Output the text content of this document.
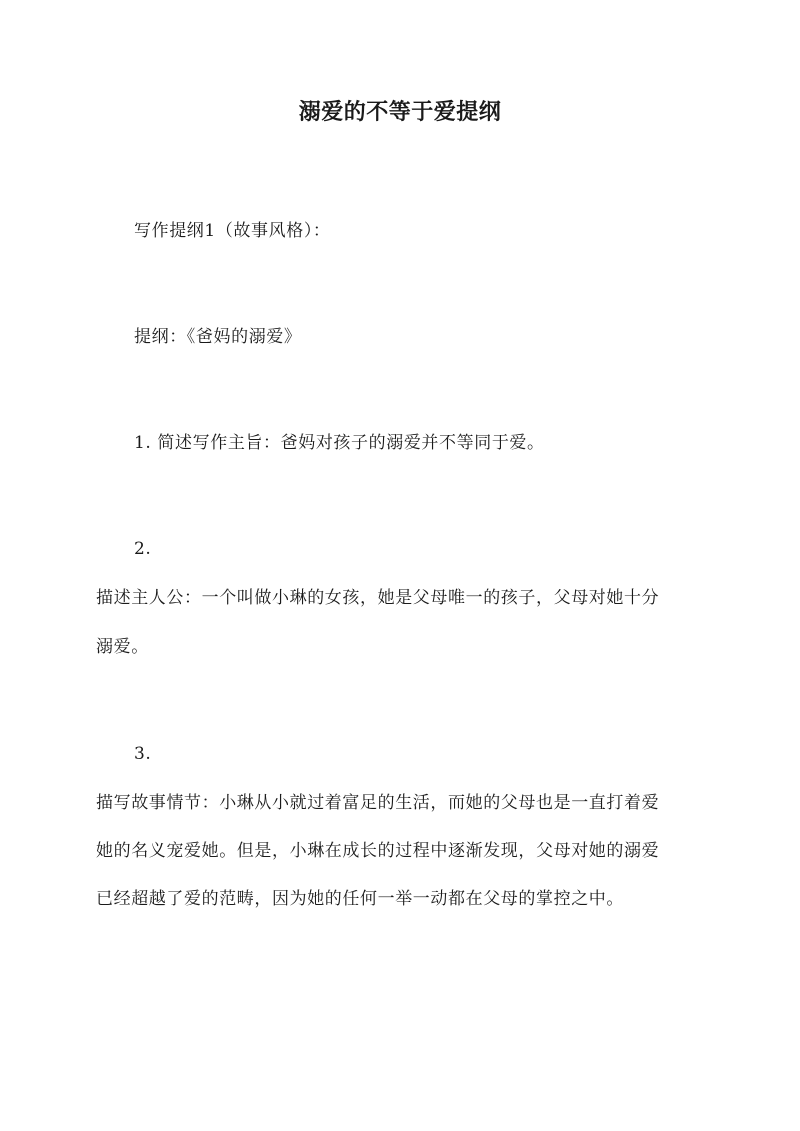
溺爱的不等于爱提纲
写作提纲1（故事风格）：
提纲：《爸妈的溺爱》
1. 简述写作主旨：爸妈对孩子的溺爱并不等同于爱。
2.
描述主人公：一个叫做小琳的女孩，她是父母唯一的孩子，父母对她十分
溺爱。
3.
描写故事情节：小琳从小就过着富足的生活，而她的父母也是一直打着爱
她的名义宠爱她。但是，小琳在成长的过程中逐渐发现，父母对她的溺爱
已经超越了爱的范畴，因为她的任何一举一动都在父母的掌控之中。
